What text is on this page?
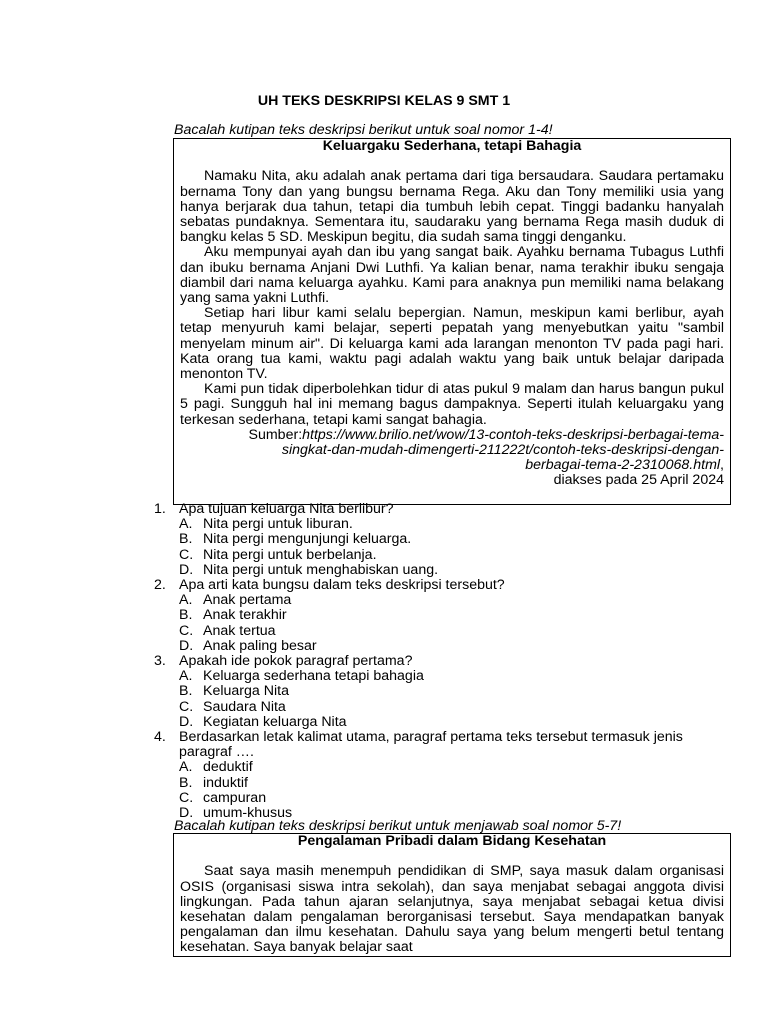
UH TEKS DESKRIPSI KELAS 9 SMT 1
Bacalah kutipan teks deskripsi berikut untuk soal nomor 1-4!
Keluargaku Sederhana, tetapi Bahagia

Namaku Nita, aku adalah anak pertama dari tiga bersaudara. Saudara pertamaku bernama Tony dan yang bungsu bernama Rega. Aku dan Tony memiliki usia yang hanya berjarak dua tahun, tetapi dia tumbuh lebih cepat. Tinggi badanku hanyalah sebatas pundaknya. Sementara itu, saudaraku yang bernama Rega masih duduk di bangku kelas 5 SD. Meskipun begitu, dia sudah sama tinggi denganku.

Aku mempunyai ayah dan ibu yang sangat baik. Ayahku bernama Tubagus Luthfi dan ibuku bernama Anjani Dwi Luthfi. Ya kalian benar, nama terakhir ibuku sengaja diambil dari nama keluarga ayahku. Kami para anaknya pun memiliki nama belakang yang sama yakni Luthfi.

Setiap hari libur kami selalu bepergian. Namun, meskipun kami berlibur, ayah tetap menyuruh kami belajar, seperti pepatah yang menyebutkan yaitu "sambil menyelam minum air". Di keluarga kami ada larangan menonton TV pada pagi hari. Kata orang tua kami, waktu pagi adalah waktu yang baik untuk belajar daripada menonton TV.

Kami pun tidak diperbolehkan tidur di atas pukul 9 malam dan harus bangun pukul 5 pagi. Sungguh hal ini memang bagus dampaknya. Seperti itulah keluargaku yang terkesan sederhana, tetapi kami sangat bahagia.

Sumber:https://www.brilio.net/wow/13-contoh-teks-deskripsi-berbagai-tema-
singkat-dan-mudah-dimengerti-211222t/contoh-teks-deskripsi-dengan-
berbagai-tema-2-2310068.html,
diakses pada 25 April 2024
1. Apa tujuan keluarga Nita berlibur?
A. Nita pergi untuk liburan.
B. Nita pergi mengunjungi keluarga.
C. Nita pergi untuk berbelanja.
D. Nita pergi untuk menghabiskan uang.
2. Apa arti kata bungsu dalam teks deskripsi tersebut?
A. Anak pertama
B. Anak terakhir
C. Anak tertua
D. Anak paling besar
3. Apakah ide pokok paragraf pertama?
A. Keluarga sederhana tetapi bahagia
B. Keluarga Nita
C. Saudara Nita
D. Kegiatan keluarga Nita
4. Berdasarkan letak kalimat utama, paragraf pertama teks tersebut termasuk jenis paragraf ….
A. deduktif
B. induktif
C. campuran
D. umum-khusus
Bacalah kutipan teks deskripsi berikut untuk menjawab soal nomor 5-7!
Pengalaman Pribadi dalam Bidang Kesehatan

Saat saya masih menempuh pendidikan di SMP, saya masuk dalam organisasi OSIS (organisasi siswa intra sekolah), dan saya menjabat sebagai anggota divisi lingkungan. Pada tahun ajaran selanjutnya, saya menjabat sebagai ketua divisi kesehatan dalam pengalaman berorganisasi tersebut. Saya mendapatkan banyak pengalaman dan ilmu kesehatan. Dahulu saya yang belum mengerti betul tentang kesehatan. Saya banyak belajar saat
